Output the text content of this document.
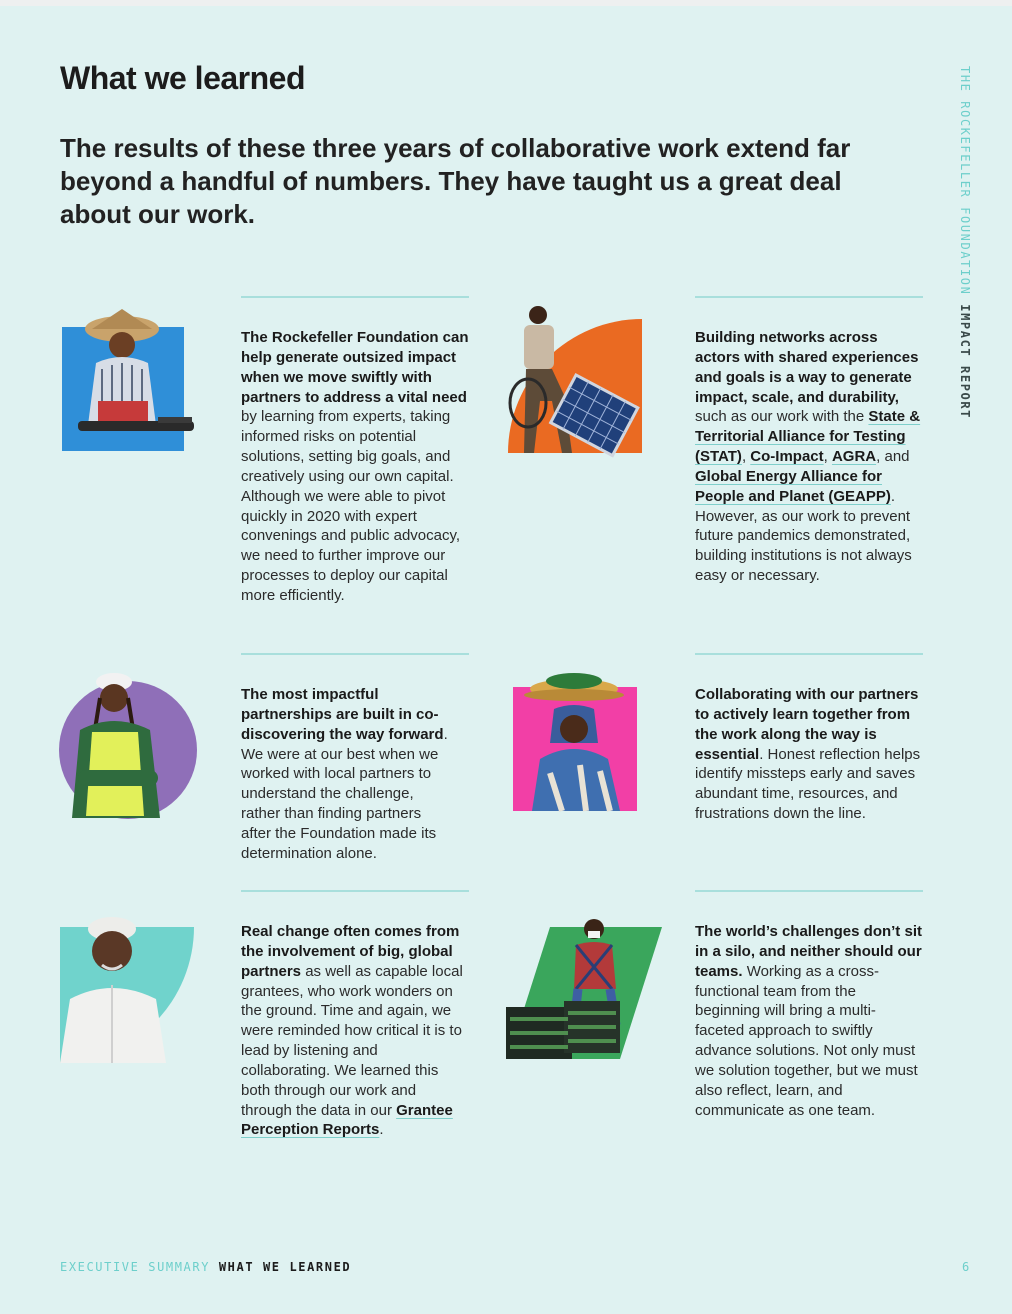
What we learned

The results of these three years of collaborative work extend far beyond a handful of numbers. They have taught us a great deal about our work.	THE ROCKEFELLER FOUNDATION IMPACT REPORT
The Rockefeller Foundation can help generate outsized impact when we move swiftly with partners to address a vital need by learning from experts, taking informed risks on potential solutions, setting big goals, and creatively using our own capital. Although we were able to pivot quickly in 2020 with expert convenings and public advocacy, we need to further improve our processes to deploy our capital more efficiently.
Building networks across actors with shared experiences and goals is a way to generate impact, scale, and durability, such as our work with the State & Territorial Alliance for Testing (STAT), Co-Impact, AGRA, and Global Energy Alliance for People and Planet (GEAPP). However, as our work to prevent future pandemics demonstrated, building institutions is not always easy or necessary.
The most impactful partnerships are built in co-discovering the way forward. We were at our best when we worked with local partners to understand the challenge, rather than finding partners after the Foundation made its determination alone.
Collaborating with our partners to actively learn together from the work along the way is essential. Honest reflection helps identify missteps early and saves abundant time, resources, and frustrations down the line.
Real change often comes from the involvement of big, global partners as well as capable local grantees, who work wonders on the ground. Time and again, we were reminded how critical it is to lead by listening and collaborating. We learned this both through our work and through the data in our Grantee Perception Reports.
The world’s challenges don’t sit in a silo, and neither should our teams. Working as a cross-functional team from the beginning will bring a multi-faceted approach to swiftly advance solutions. Not only must we solution together, but we must also reflect, learn, and communicate as one team.
EXECUTIVE SUMMARY WHAT WE LEARNED	6
